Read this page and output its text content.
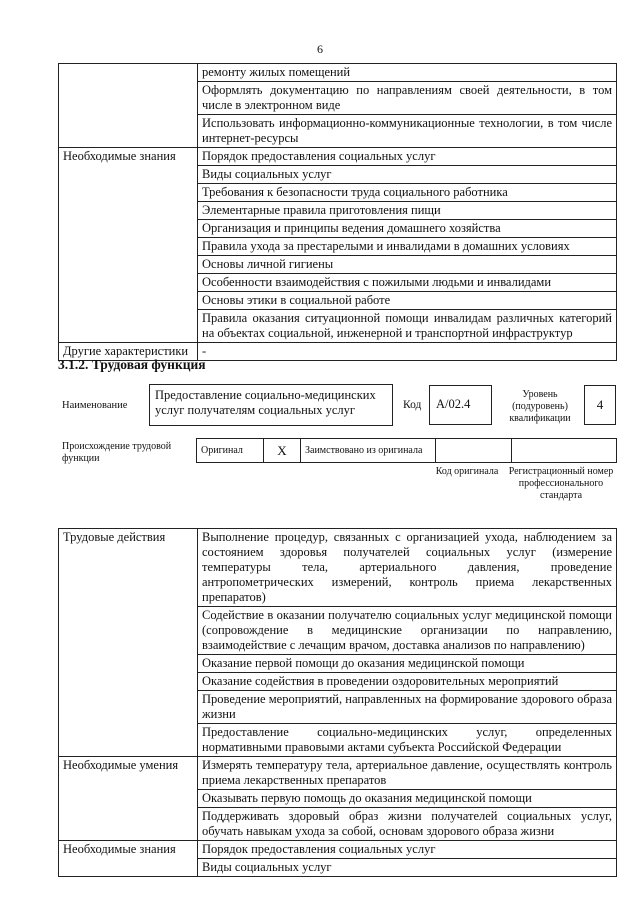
6
	ремонту жилых помещений
	Оформлять документацию по направлениям своей деятельности, в том числе в электронном виде
	Использовать информационно-коммуникационные технологии, в том числе интернет-ресурсы
Необходимые знания	Порядок предоставления социальных услуг
	Виды социальных услуг
	Требования к безопасности труда социального работника
	Элементарные правила приготовления пищи
	Организация и принципы ведения домашнего хозяйства
	Правила ухода за престарелыми и инвалидами в домашних условиях
	Основы личной гигиены
	Особенности взаимодействия с пожилыми людьми и инвалидами
	Основы этики в социальной работе
	Правила оказания ситуационной помощи инвалидам различных категорий на объектах социальной, инженерной и транспортной инфраструктур
Другие характеристики	-
3.1.2. Трудовая функция
Наименование
Предоставление социально-медицинских услуг получателям социальных услуг	Код	A/02.4
Уровень (подуровень) квалификации
4
Происхождение трудовой функции
Оригинал	X	Заимствовано из оригинала		
Код оригинала	Регистрационный номер профессионального стандарта
Трудовые действия	Выполнение процедур, связанных с организацией ухода, наблюдением за состоянием здоровья получателей социальных услуг (измерение температуры тела, артериального давления, проведение антропометрических измерений, контроль приема лекарственных препаратов)
	Содействие в оказании получателю социальных услуг медицинской помощи (сопровождение в медицинские организации по направлению, взаимодействие с лечащим врачом, доставка анализов по направлению)
	Оказание первой помощи до оказания медицинской помощи
	Оказание содействия в проведении оздоровительных мероприятий
	Проведение мероприятий, направленных на формирование здорового образа жизни
	Предоставление социально-медицинских услуг, определенных нормативными правовыми актами субъекта Российской Федерации
Необходимые умения	Измерять температуру тела, артериальное давление, осуществлять контроль приема лекарственных препаратов
	Оказывать первую помощь до оказания медицинской помощи
	Поддерживать здоровый образ жизни получателей социальных услуг, обучать навыкам ухода за собой, основам здорового образа жизни
Необходимые знания	Порядок предоставления социальных услуг
	Виды социальных услуг
